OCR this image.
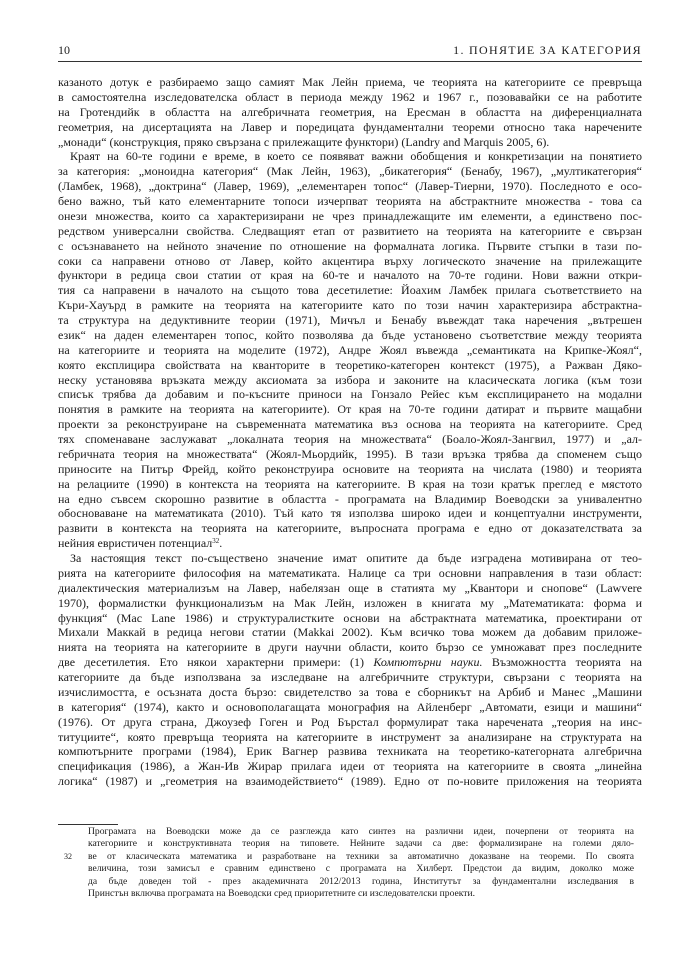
10	1. ПОНЯТИЕ ЗА КАТЕГОРИЯ
казаното дотук е разбираемо защо самият Мак Лейн приема, че теорията на категориите се превръща
в самостоятелна изследователска област в периода между 1962 и 1967 г., позовавайки се на работите
на Гротендийк в областта на алгебричната геометрия, на Ересман в областта на диференциалната
геометрия, на дисертацията на Лавер и поредицата фундаментални теореми относно така нареченитe
„монади“ (конструкция, пряко свързана с прилежащите функтори) (Landry and Marquis 2005, 6).
Краят на 60-те години е време, в което се появяват важни обобщения и конкретизации на понятието
за категория: „моноидна категория“ (Мак Лейн, 1963), „бикатегория“ (Бенабу, 1967), „мултикатегория“
(Ламбек, 1968), „доктрина“ (Лавер, 1969), „елементарен топос“ (Лавер-Тиерни, 1970). Последното е осо-
бено важно, тъй като елементарните топоси изчерпват теорията на абстрактните множества - това са
онези множества, които са характеризирани не чрез принадлежащите им елементи, а единствено пос-
редством универсални свойства. Следващият етап от развитието на теорията на категориите е свързан
с осъзнаването на нейното значение по отношение на формалната логика. Първите стъпки в тази по-
соки са направени отново от Лавер, който акцентира върху логическото значение на прилежащите
функтори в редица свои статии от края на 60-те и началото на 70-те години. Нови важни откри-
тия са направени в началото на същото това десетилетие: Йоахим Ламбек прилага съответствието на
Къри-Хауърд в рамките на теорията на категориите като по този начин характеризира абстрактна-
та структура на дедуктивните теории (1971), Мичъл и Бенабу въвеждат така наречения „вътрешен
език“ на даден елементарен топос, който позволява да бъде установено съответствие между теорията
на категориите и теорията на моделите (1972), Андре Жоял въвежда „семантиката на Крипке-Жоял“,
която експлицира свойствата на кванторите в теоретико-категорен контекст (1975), а Ражван Дяко-
неску установява връзката между аксиомата за избора и законите на класическата логика (към този
списък трябва да добавим и по-късните приноси на Гонзало Рейес към експлицирането на модални
понятия в рамките на теорията на категориите). От края на 70-те години датират и първите мащабни
проекти за реконструиране на съвременната математика въз основа на теорията на категориите. Сред
тях споменаване заслужават „локалната теория на множествата“ (Боало-Жоял-Зангвил, 1977) и „ал-
гебричната теория на множествата“ (Жоял-Мьордийк, 1995). В тази връзка трябва да споменем също
приносите на Питър Фрейд, който реконструира основите на теорията на числата (1980) и теорията
на релациите (1990) в контекста на теорията на категориите. В края на този кратък преглед е мястото
на едно съвсем скорошно развитие в областта - програмата на Владимир Воеводски за унивалентно
обосноваване на математиката (2010). Тъй като тя използва широко идеи и концептуални инструменти,
развити в контекста на теорията на категориите, въпросната програма е едно от доказателствата за
нейния евристичен потенциал$^{32}$.
За настоящия текст по-съществено значение имат опитите да бъде изградена мотивирана от тео-
рията на категориите философия на математиката. Налице са три основни направления в тази област:
диалектическия материализъм на Лавер, набелязан още в статията му „Квантори и снопове“ (Lawvere
1970), формалистки функционализъм на Мак Лейн, изложен в книгата му „Математиката: форма и
функция“ (Mac Lane 1986) и структуралистките основи на абстрактната математика, проектирани от
Михали Маккай в редица негови статии (Makkai 2002). Към всичко това можем да добавим приложе-
нията на теорията на категориите в други научни области, които бързо се умножават през последните
две десетилетия. Ето някои характерни примери: (1) Компютърни науки. Възможността теорията на
категориите да бъде използвана за изследване на алгебричните структури, свързани с теорията на
изчислимостта, е осъзната доста бързо: свидетелство за това е сборникът на Арбиб и Манес „Машини
в категория“ (1974), както и основополагащата монография на Айленберг „Автомати, езици и машини“
(1976). От друга страна, Джоузеф Гоген и Род Бърстал формулират така наречената „теория на инс-
титуциите“, която превръща теорията на категориите в инструмент за анализиране на структурата на
компютърните програми (1984), Ерик Вагнер развива техниката на теоретико-категорната алгебрична
спецификация (1986), а Жан-Ив Жирар прилага идеи от теорията на категориите в своята „линейна
логика“ (1987) и „геометрия на взаимодействието“ (1989). Едно от по-новите приложения на теорията
32
Програмата на Воеводски може да се разглежда като синтез на различни идеи, почерпени от теорията на
категориите и конструктивната теория на типовете. Нейните задачи са две: формализиране на големи дяло-
ве от класическата математика и разработване на техники за автоматично доказване на теореми. По своята
величина, този замисъл е сравним единствено с програмата на Хилберт. Предстои да видим, доколко може
да бъде доведен той - през академичната 2012/2013 година, Институтът за фундаментални изследвания в
Принстън включва програмата на Воеводски сред приоритетните си изследователски проекти.
